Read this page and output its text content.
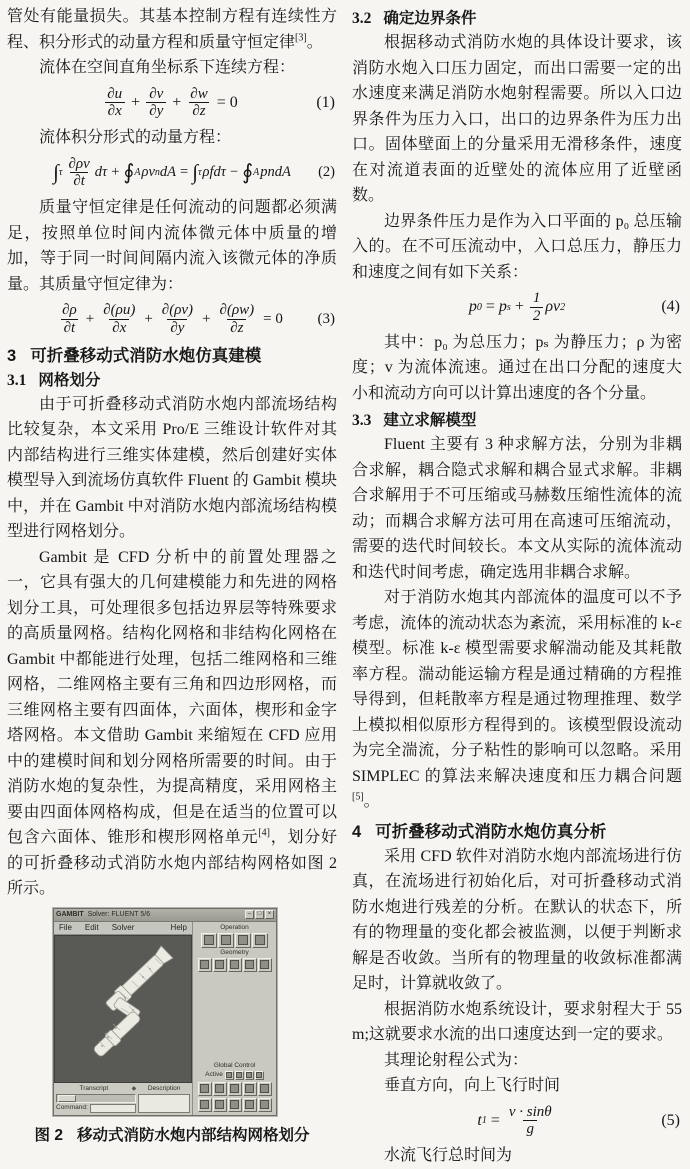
管处有能量损失。其基本控制方程有连续性方程、积分形式的动量方程和质量守恒定律[3]。

流体在空间直角坐标系下连续方程：

$\frac{\partial u}{\partial x} + \frac{\partial v}{\partial y} + \frac{\partial w}{\partial z} = 0$	(1)

流体积分形式的动量方程：

∫ τ $\frac{\partial\rho v}{\partial t}$ dτ + ∮ A ρv n dA = ∫ τ ρfdτ − ∮ A pndA (2)

质量守恒定律是任何流动的问题都必须满足，按照单位时间内流体微元体中质量的增加，等于同一时间间隔内流入该微元体的净质量。其质量守恒定律为：

$\frac{\partial\rho}{\partial t} + \frac{\partial(\rho u)}{\partial x} + \frac{\partial(\rho v)}{\partial y} + \frac{\partial(\rho w)}{\partial z} = 0$ (3)
3 可折叠移动式消防水炮仿真建模
3.1 网格划分

由于可折叠移动式消防水炮内部流场结构比较复杂，本文采用 Pro/E 三维设计软件对其内部结构进行三维实体建模，然后创建好实体模型导入到流场仿真软件 Fluent 的 Gambit 模块中，并在 Gambit 中对消防水炮内部流场结构模型进行网格划分。

Gambit 是 CFD 分析中的前置处理器之一，它具有强大的几何建模能力和先进的网格划分工具，可处理很多包括边界层等特殊要求的高质量网格。结构化网格和非结构化网格在 Gambit 中都能进行处理，包括二维网格和三维网格，二维网格主要有三角和四边形网格，而三维网格主要有四面体，六面体，楔形和金字塔网格。本文借助 Gambit 来缩短在 CFD 应用中的建模时间和划分网格所需要的时间。由于消防水炮的复杂性，为提高精度，采用网格主要由四面体网格构成，但是在适当的位置可以包含六面体、锥形和楔形网格单元[4]，划分好的可折叠移动式消防水炮内部结构网格如图 2 所示。

GAMBIT Solver: FLUENT 5/6	–	□	×
File Edit Solver	Help
Transcript	◆
Command:
Description
Operation
Geometry
Global Control
Active
图 2 移动式消防水炮内部结构网格划分
3.2 确定边界条件

根据移动式消防水炮的具体设计要求，该消防水炮入口压力固定，而出口需要一定的出水速度来满足消防水炮射程需要。所以入口边界条件为压力入口，出口的边界条件为压力出口。固体壁面上的分量采用无滑移条件，速度在对流道表面的近壁处的流体应用了近壁函数。

边界条件压力是作为入口平面的 p₀ 总压输入的。在不可压流动中，入口总压力，静压力和速度之间有如下关系：

p 0 = p $s + \frac{1}{2}$ ρv 2	(4)

其中：p₀ 为总压力；pₛ 为静压力；ρ 为密度；v 为流体流速。通过在出口分配的速度大小和流动方向可以计算出速度的各个分量。

3.3 建立求解模型

Fluent 主要有 3 种求解方法，分别为非耦合求解，耦合隐式求解和耦合显式求解。非耦合求解用于不可压缩或马赫数压缩性流体的流动；而耦合求解方法可用在高速可压缩流动，需要的迭代时间较长。本文从实际的流体流动和迭代时间考虑，确定选用非耦合求解。

对于消防水炮其内部流体的温度可以不予考虑，流体的流动状态为紊流，采用标准的 k-ε 模型。标准 k-ε 模型需要求解湍动能及其耗散率方程。湍动能运输方程是通过精确的方程推导得到，但耗散率方程是通过物理推理、数学上模拟相似原形方程得到的。该模型假设流动为完全湍流，分子粘性的影响可以忽略。采用 SIMPLEC 的算法来解决速度和压力耦合问题[5]。

4 可折叠移动式消防水炮仿真分析

采用 CFD 软件对消防水炮内部流场进行仿真，在流场进行初始化后，对可折叠移动式消防水炮进行残差的分析。在默认的状态下，所有的物理量的变化都会被监测，以便于判断求解是否收敛。当所有的物理量的收敛标准都满足时，计算就收敛了。

根据消防水炮系统设计，要求射程大于 55 m;这就要求水流的出口速度达到一定的要求。

其理论射程公式为：

垂直方向，向上飞行时间

t $1 = \frac{v \cdot \sin\theta}{g}$	(5)

水流飞行总时间为
